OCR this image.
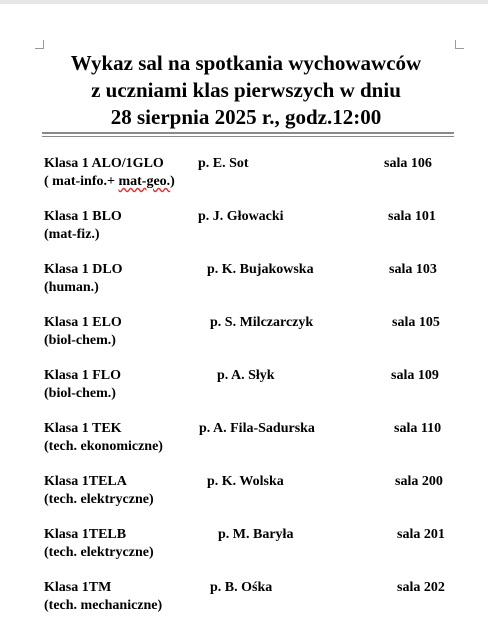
Wykaz sal na spotkania wychowawców
z uczniami klas pierwszych w dniu
28 sierpnia 2025 r., godz.12:00
Klasa 1 ALO/1GLO p. E. Sot	sala 106
( mat-info.+ mat-geo.)
Klasa 1 BLO	p. J. Głowacki	sala 101
(mat-fiz.)
Klasa 1 DLO	p. K. Bujakowska	sala 103
(human.)
Klasa 1 ELO	p. S. Milczarczyk	sala 105
(biol-chem.)
Klasa 1 FLO	p. A. Słyk	sala 109
(biol-chem.)
Klasa 1 TEK	p. A. Fila-Sadurska	sala 110
(tech. ekonomiczne)
Klasa 1TELA	p. K. Wolska	sala 200
(tech. elektryczne)
Klasa 1TELB	p. M. Baryła	sala 201
(tech. elektryczne)
Klasa 1TM	p. B. Ośka	sala 202
(tech. mechaniczne)
